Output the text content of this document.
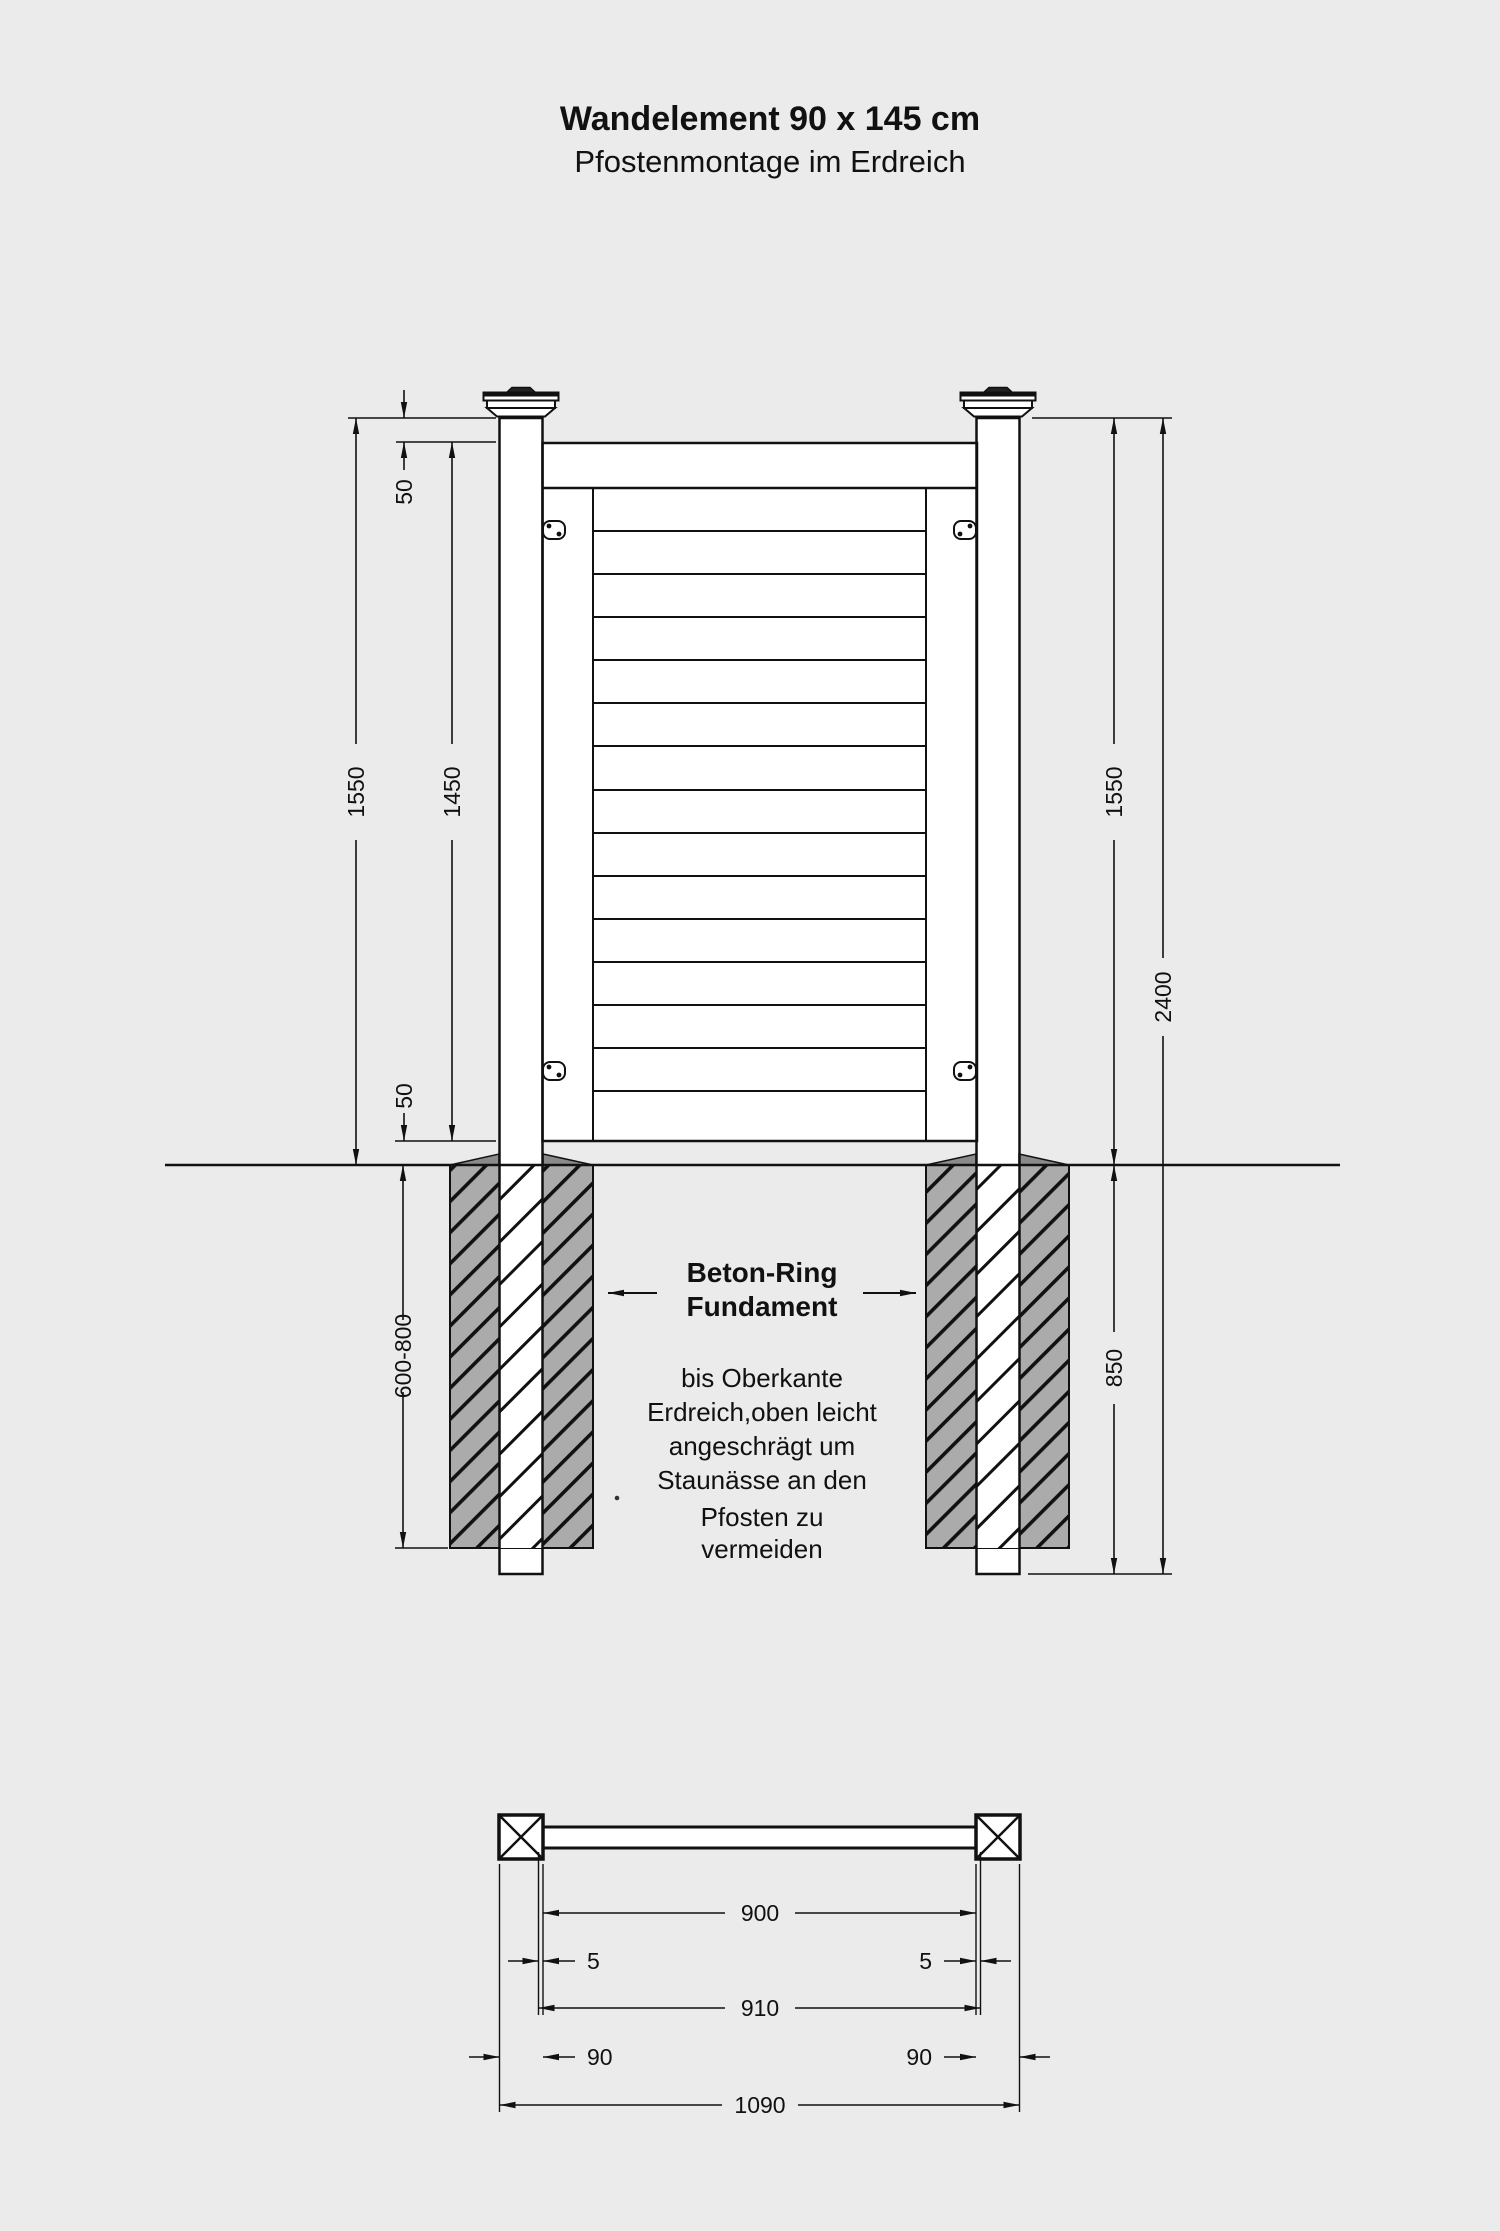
Wandelement 90 x 145 cm
Pfostenmontage im Erdreich
1550
50
1450
50
600-800
1550
850
2400
Beton-Ring
Fundament
bis Oberkante
Erdreich,oben leicht
angeschrägt um
Staunässe an den
Pfosten zu
vermeiden
900
5	5
910
90	90
1090
